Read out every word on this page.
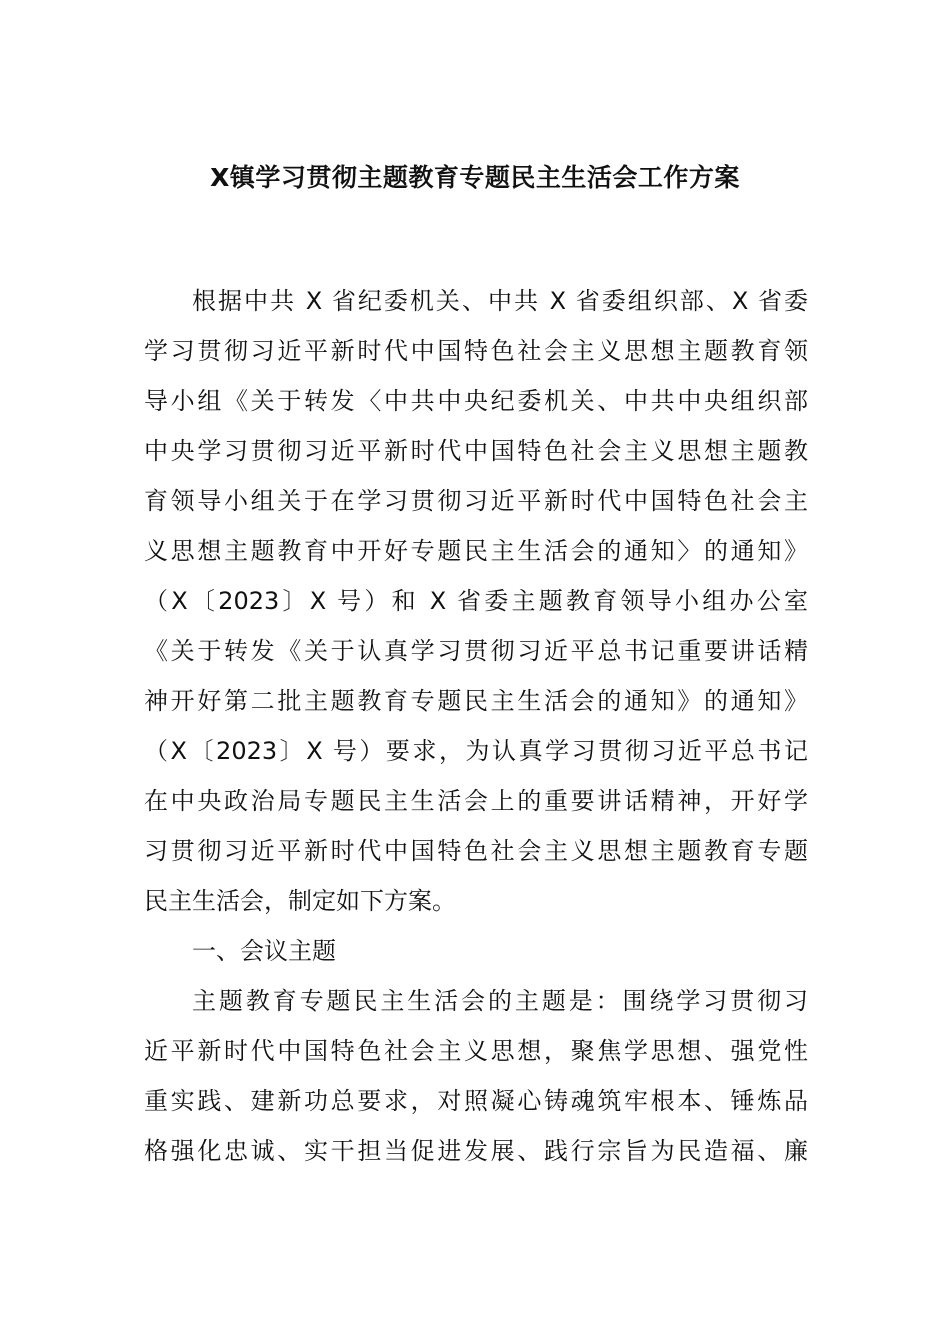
X镇学习贯彻主题教育专题民主生活会工作方案
根据中共 X 省纪委机关、中共 X 省委组织部、X 省委
学习贯彻习近平新时代中国特色社会主义思想主题教育领
导小组《关于转发〈中共中央纪委机关、中共中央组织部
中央学习贯彻习近平新时代中国特色社会主义思想主题教
育领导小组关于在学习贯彻习近平新时代中国特色社会主
义思想主题教育中开好专题民主生活会的通知〉的通知》
（X〔2023〕X 号）和 X 省委主题教育领导小组办公室
《关于转发《关于认真学习贯彻习近平总书记重要讲话精
神开好第二批主题教育专题民主生活会的通知》的通知》
（X〔2023〕X 号）要求，为认真学习贯彻习近平总书记
在中央政治局专题民主生活会上的重要讲话精神，开好学
习贯彻习近平新时代中国特色社会主义思想主题教育专题
民主生活会，制定如下方案。
一、会议主题
主题教育专题民主生活会的主题是：围绕学习贯彻习
近平新时代中国特色社会主义思想，聚焦学思想、强党性
重实践、建新功总要求，对照凝心铸魂筑牢根本、锤炼品
格强化忠诚、实干担当促进发展、践行宗旨为民造福、廉
